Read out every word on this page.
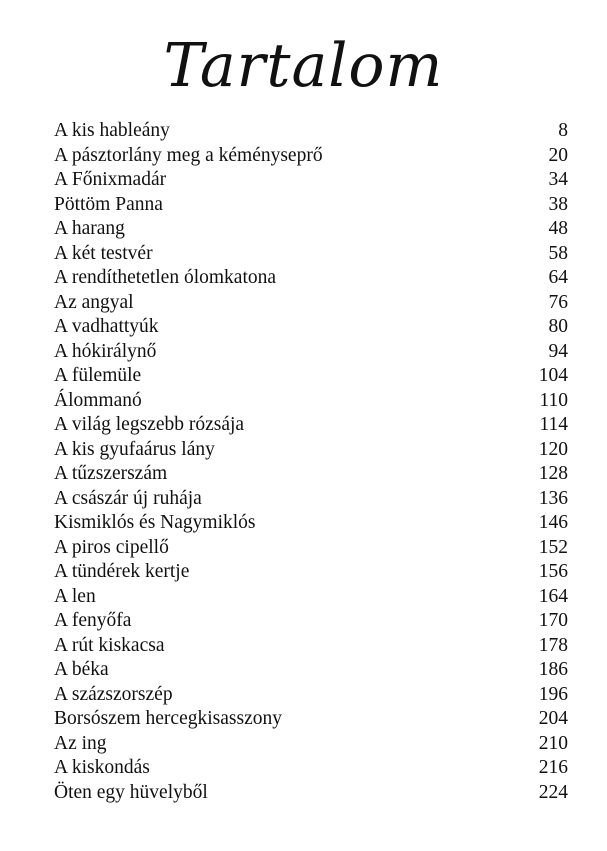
Tartalom
A kis hableány	8
A pásztorlány meg a kéményseprő	20
A Főnixmadár	34
Pöttöm Panna	38
A harang	48
A két testvér	58
A rendíthetetlen ólomkatona	64
Az angyal	76
A vadhattyúk	80
A hókirálynő	94
A fülemüle	104
Álommanó	110
A világ legszebb rózsája	114
A kis gyufaárus lány	120
A tűzszerszám	128
A császár új ruhája	136
Kismiklós és Nagymiklós	146
A piros cipellő	152
A tündérek kertje	156
A len	164
A fenyőfa	170
A rút kiskacsa	178
A béka	186
A százszorszép	196
Borsószem hercegkisasszony	204
Az ing	210
A kiskondás	216
Öten egy hüvelyből	224
